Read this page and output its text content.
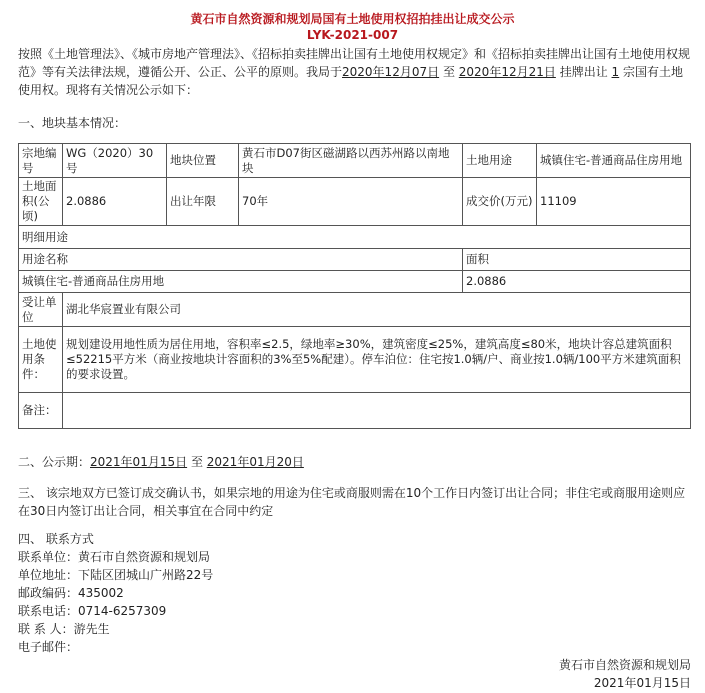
黄石市自然资源和规划局国有土地使用权招拍挂出让成交公示
LYK-2021-007
按照《土地管理法》、《城市房地产管理法》、《招标拍卖挂牌出让国有土地使用权规定》和《招标拍卖挂牌出让国有土地使用权规范》等有关法律法规，遵循公开、公正、公平的原则。我局于2020年12月07日 至 2020年12月21日 挂牌出让 1 宗国有土地使用权。现将有关情况公示如下：
一、地块基本情况：
宗地编号	WG（2020）30号	地块位置	黄石市D07街区磁湖路以西苏州路以南地块	土地用途	城镇住宅-普通商品住房用地
土地面积(公顷)	2.0886	出让年限	70年	成交价(万元)	11109
明细用途					
用途名称				面积	
城镇住宅-普通商品住房用地				2.0886	
受让单位	湖北华宸置业有限公司				
土地使用条件：	规划建设用地性质为居住用地，容积率≤2.5，绿地率≥30%，建筑密度≤25%，建筑高度≤80米，地块计容总建筑面积≤52215平方米（商业按地块计容面积的3%至5%配建）。停车泊位：住宅按1.0辆/户、商业按1.0辆/100平方米建筑面积的要求设置。				
备注：					
二、公示期：2021年01月15日 至 2021年01月20日
三、 该宗地双方已签订成交确认书，如果宗地的用途为住宅或商服则需在10个工作日内签订出让合同；非住宅或商服用途则应在30日内签订出让合同，相关事宜在合同中约定
四、 联系方式
联系单位：黄石市自然资源和规划局
单位地址：下陆区团城山广州路22号
邮政编码：435002
联系电话：0714-6257309
联 系 人：游先生
电子邮件：
黄石市自然资源和规划局
2021年01月15日
